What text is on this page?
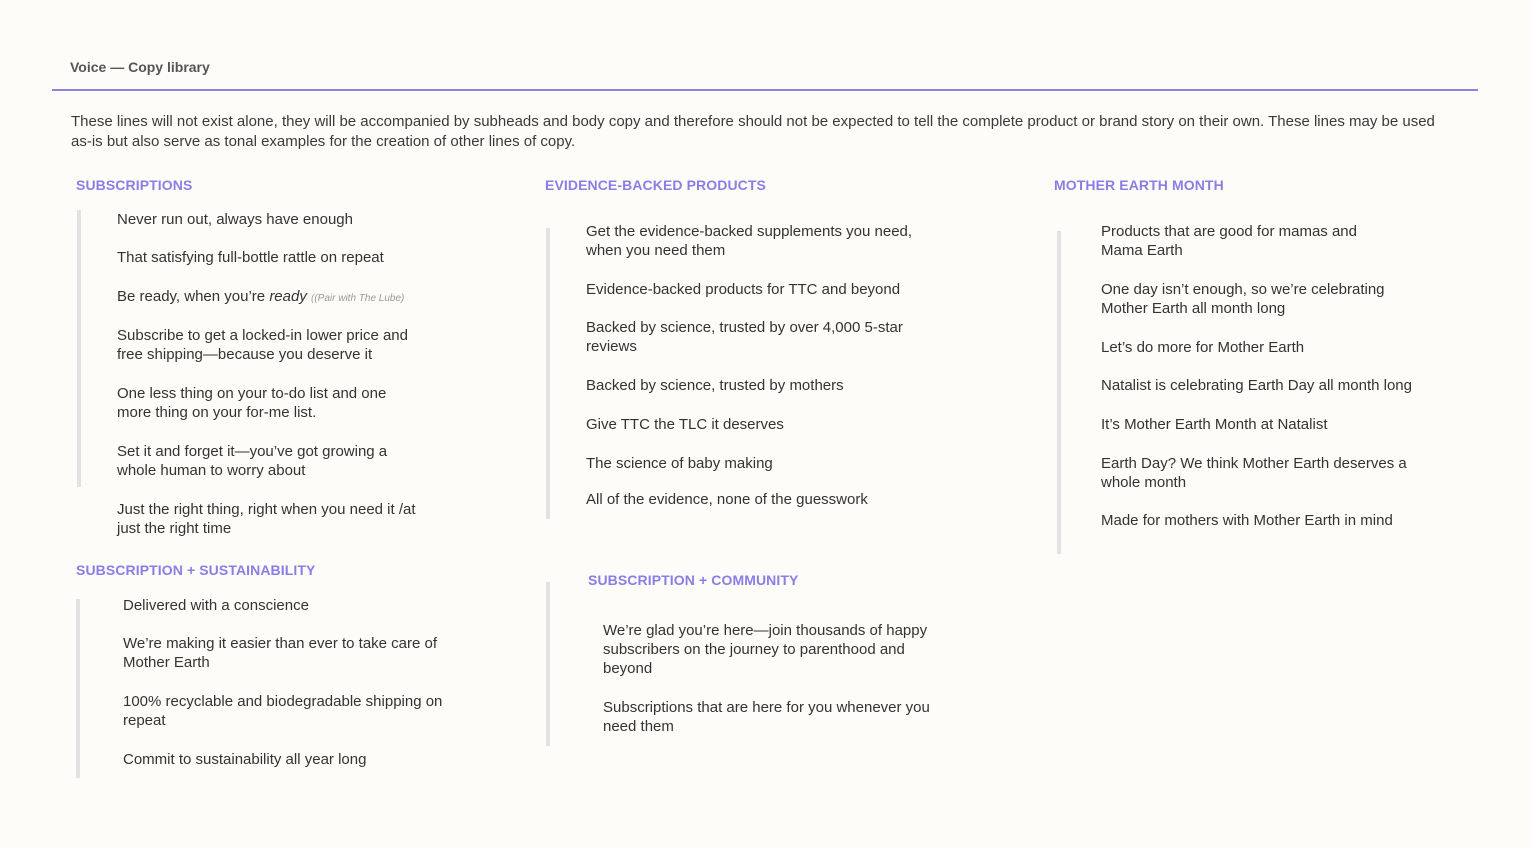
Voice — Copy library
These lines will not exist alone, they will be accompanied by subheads and body copy and therefore should not be expected to tell the complete product or brand story on their own. These lines may be used as-is but also serve as tonal examples for the creation of other lines of copy.
SUBSCRIPTIONS
Never run out, always have enough
That satisfying full-bottle rattle on repeat
Be ready, when you’re ready ((Pair with The Lube)
Subscribe to get a locked-in lower price and free shipping—because you deserve it
One less thing on your to-do list and one more thing on your for-me list.
Set it and forget it—you’ve got growing a whole human to worry about
Just the right thing, right when you need it /at just the right time
SUBSCRIPTION + SUSTAINABILITY
Delivered with a conscience
We’re making it easier than ever to take care of Mother Earth
100% recyclable and biodegradable shipping on repeat
Commit to sustainability all year long
EVIDENCE-BACKED PRODUCTS
Get the evidence-backed supplements you need, when you need them
Evidence-backed products for TTC and beyond
Backed by science, trusted by over 4,000 5-star reviews
Backed by science, trusted by mothers
Give TTC the TLC it deserves
The science of baby making
All of the evidence, none of the guesswork
SUBSCRIPTION + COMMUNITY
We’re glad you’re here—join thousands of happy subscribers on the journey to parenthood and beyond
Subscriptions that are here for you whenever you need them
MOTHER EARTH MONTH
Products that are good for mamas and Mama Earth
One day isn’t enough, so we’re celebrating Mother Earth all month long
Let’s do more for Mother Earth
Natalist is celebrating Earth Day all month long
It’s Mother Earth Month at Natalist
Earth Day? We think Mother Earth deserves a whole month
Made for mothers with Mother Earth in mind
